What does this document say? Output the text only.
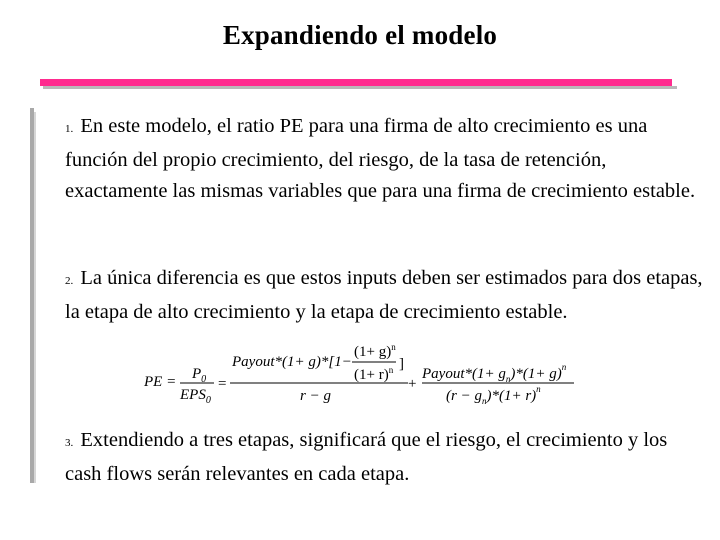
Expandiendo el modelo
1. En este modelo, el ratio PE para una firma de alto crecimiento es una función del propio crecimiento, del riesgo, de la tasa de retención, exactamente las mismas variables que para una firma de crecimiento estable.
2. La única diferencia es que estos inputs deben ser estimados para dos etapas, la etapa de alto crecimiento y la etapa de crecimiento estable.
PE = $P_0$
$EPS_0$
=
Payout*(1+ g)*[1−
$(1+ g)^n$
$(1+ r)^n$ ]
r − g
+
Payout*(1+ $g_n)*(1+ g)^n$
$(r - g_n)*(1+ r)^n$
3. Extendiendo a tres etapas, significará que el riesgo, el crecimiento y los cash flows serán relevantes en cada etapa.
